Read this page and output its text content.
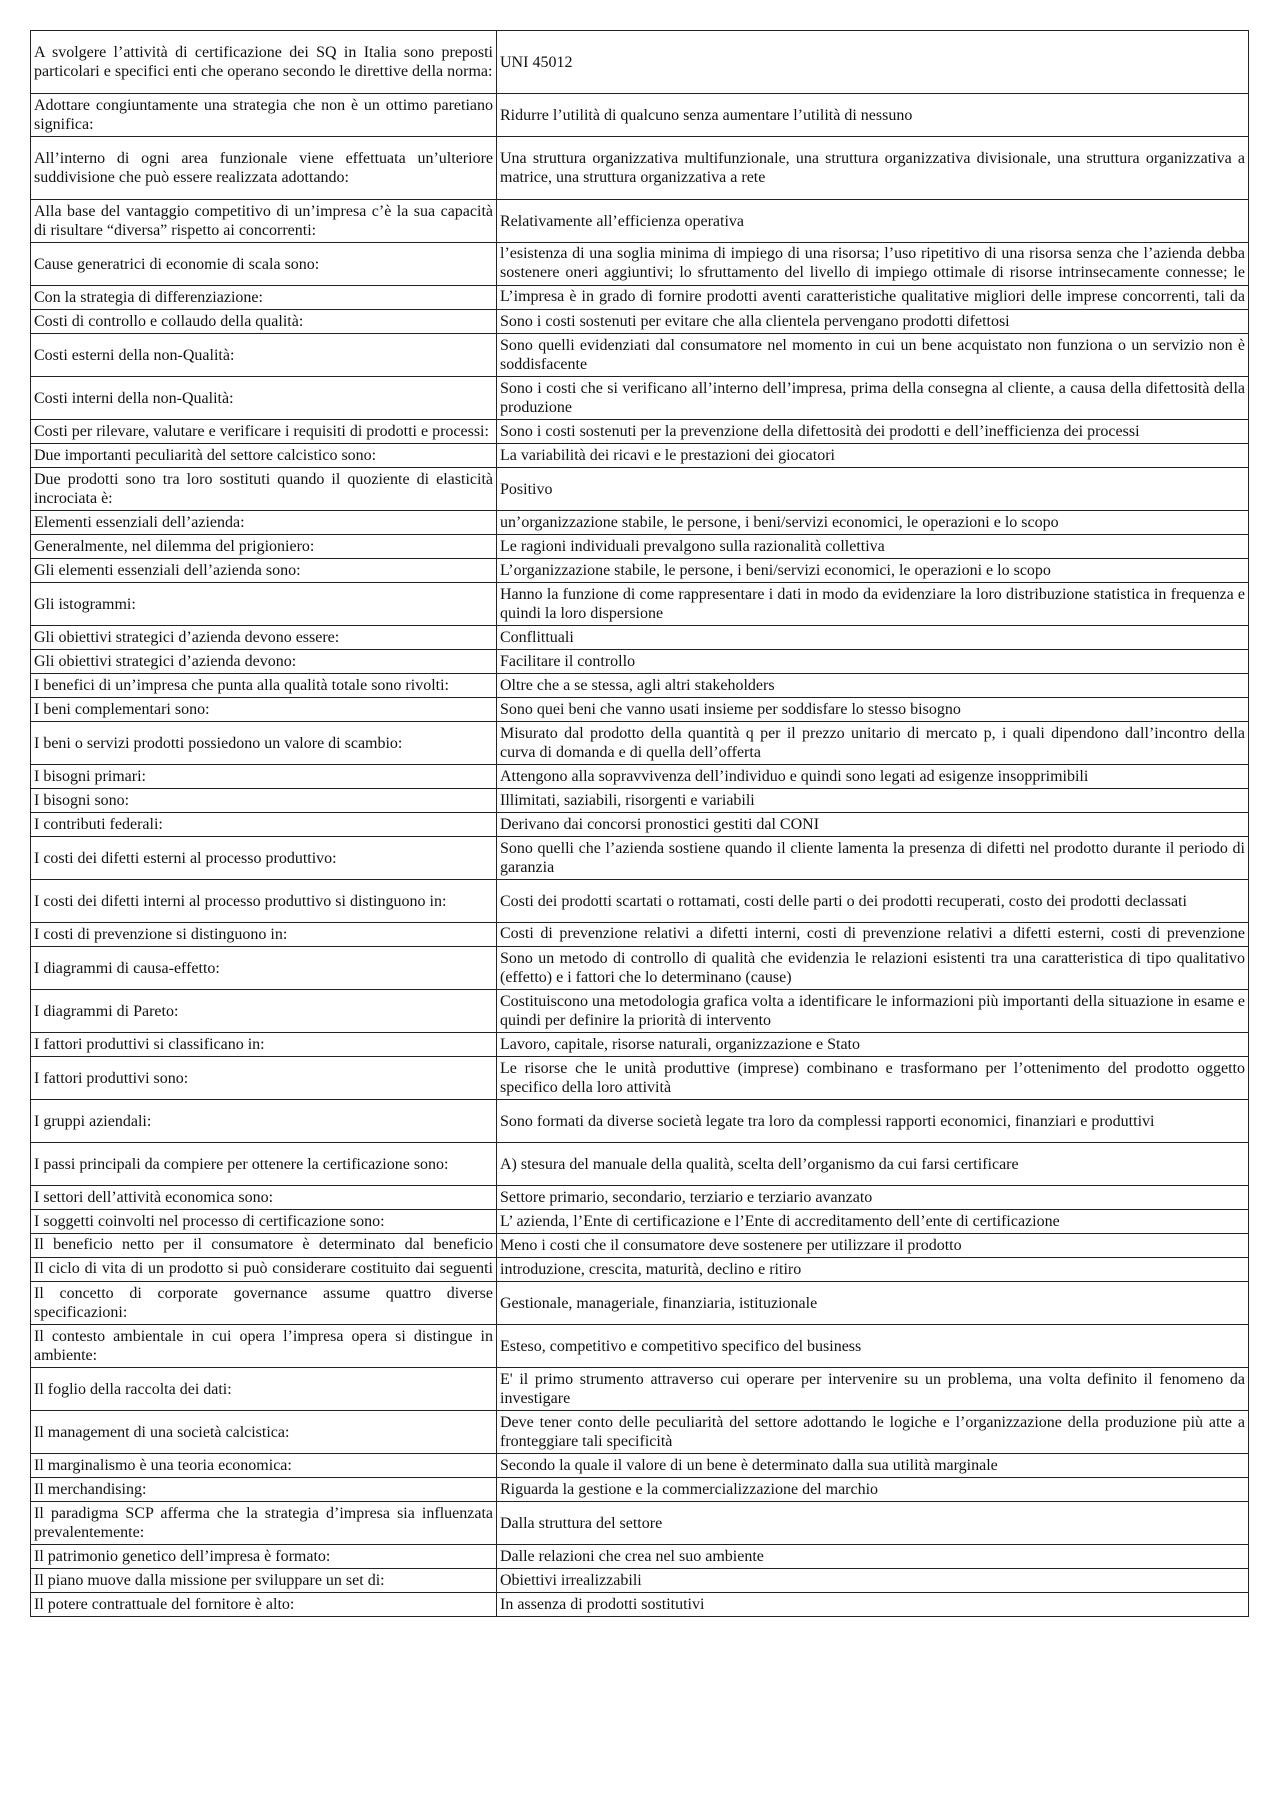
A svolgere l’attività di certificazione dei SQ in Italia sono preposti particolari e specifici enti che operano secondo le direttive della norma:	UNI 45012
Adottare congiuntamente una strategia che non è un ottimo paretiano significa:	Ridurre l’utilità di qualcuno senza aumentare l’utilità di nessuno
All’interno di ogni area funzionale viene effettuata un’ulteriore suddivisione che può essere realizzata adottando:	Una struttura organizzativa multifunzionale, una struttura organizzativa divisionale, una struttura organizzativa a matrice, una struttura organizzativa a rete
Alla base del vantaggio competitivo di un’impresa c’è la sua capacità di risultare “diversa” rispetto ai concorrenti:	Relativamente all’efficienza operativa
Cause generatrici di economie di scala sono:	l’esistenza di una soglia minima di impiego di una risorsa; l’uso ripetitivo di una risorsa senza che l’azienda debba sostenere oneri aggiuntivi; lo sfruttamento del livello di impiego ottimale di risorse intrinsecamente connesse; le

Con la strategia di differenziazione:	L’impresa è in grado di fornire prodotti aventi caratteristiche qualitative migliori delle imprese concorrenti, tali da

Costi di controllo e collaudo della qualità:	Sono i costi sostenuti per evitare che alla clientela pervengano prodotti difettosi
Costi esterni della non-Qualità:	Sono quelli evidenziati dal consumatore nel momento in cui un bene acquistato non funziona o un servizio non è soddisfacente
Costi interni della non-Qualità:	Sono i costi che si verificano all’interno dell’impresa, prima della consegna al cliente, a causa della difettosità della produzione

Costi per rilevare, valutare e verificare i requisiti di prodotti e processi:	Sono i costi sostenuti per la prevenzione della difettosità dei prodotti e dell’inefficienza dei processi
Due importanti peculiarità del settore calcistico sono:	La variabilità dei ricavi e le prestazioni dei giocatori
Due prodotti sono tra loro sostituti quando il quoziente di elasticità incrociata è:	Positivo
Elementi essenziali dell’azienda:	un’organizzazione stabile, le persone, i beni/servizi economici, le operazioni e lo scopo
Generalmente, nel dilemma del prigioniero:	Le ragioni individuali prevalgono sulla razionalità collettiva
Gli elementi essenziali dell’azienda sono:	L’organizzazione stabile, le persone, i beni/servizi economici, le operazioni e lo scopo
Gli istogrammi:	Hanno la funzione di come rappresentare i dati in modo da evidenziare la loro distribuzione statistica in frequenza e quindi la loro dispersione
Gli obiettivi strategici d’azienda devono essere:	Conflittuali
Gli obiettivi strategici d’azienda devono:	Facilitare il controllo

I benefici di un’impresa che punta alla qualità totale sono rivolti:	Oltre che a se stessa, agli altri stakeholders
I beni complementari sono:	Sono quei beni che vanno usati insieme per soddisfare lo stesso bisogno
I beni o servizi prodotti possiedono un valore di scambio:	Misurato dal prodotto della quantità q per il prezzo unitario di mercato p, i quali dipendono dall’incontro della curva di domanda e di quella dell’offerta
I bisogni primari:	Attengono alla sopravvivenza dell’individuo e quindi sono legati ad esigenze insopprimibili
I bisogni sono:	Illimitati, saziabili, risorgenti e variabili
I contributi federali:	Derivano dai concorsi pronostici gestiti dal CONI
I costi dei difetti esterni al processo produttivo:	Sono quelli che l’azienda sostiene quando il cliente lamenta la presenza di difetti nel prodotto durante il periodo di garanzia
I costi dei difetti interni al processo produttivo si distinguono in:	Costi dei prodotti scartati o rottamati, costi delle parti o dei prodotti recuperati, costo dei prodotti declassati
I costi di prevenzione si distinguono in:	Costi di prevenzione relativi a difetti interni, costi di prevenzione relativi a difetti esterni, costi di prevenzione

I diagrammi di causa-effetto:	Sono un metodo di controllo di qualità che evidenzia le relazioni esistenti tra una caratteristica di tipo qualitativo (effetto) e i fattori che lo determinano (cause)
I diagrammi di Pareto:	Costituiscono una metodologia grafica volta a identificare le informazioni più importanti della situazione in esame e quindi per definire la priorità di intervento
I fattori produttivi si classificano in:	Lavoro, capitale, risorse naturali, organizzazione e Stato
I fattori produttivi sono:	Le risorse che le unità produttive (imprese) combinano e trasformano per l’ottenimento del prodotto oggetto specifico della loro attività
I gruppi aziendali:	Sono formati da diverse società legate tra loro da complessi rapporti economici, finanziari e produttivi
I passi principali da compiere per ottenere la certificazione sono:	A) stesura del manuale della qualità, scelta dell’organismo da cui farsi certificare
I settori dell’attività economica sono:	Settore primario, secondario, terziario e terziario avanzato
I soggetti coinvolti nel processo di certificazione sono:	L’ azienda, l’Ente di certificazione e l’Ente di accreditamento dell’ente di certificazione

Il beneficio netto per il consumatore è determinato dal beneficio	Meno i costi che il consumatore deve sostenere per utilizzare il prodotto

Il ciclo di vita di un prodotto si può considerare costituito dai seguenti	introduzione, crescita, maturità, declino e ritiro
Il concetto di corporate governance assume quattro diverse specificazioni:	Gestionale, manageriale, finanziaria, istituzionale
Il contesto ambientale in cui opera l’impresa opera si distingue in ambiente:	Esteso, competitivo e competitivo specifico del business
Il foglio della raccolta dei dati:	E' il primo strumento attraverso cui operare per intervenire su un problema, una volta definito il fenomeno da investigare
Il management di una società calcistica:	Deve tener conto delle peculiarità del settore adottando le logiche e l’organizzazione della produzione più atte a fronteggiare tali specificità
Il marginalismo è una teoria economica:	Secondo la quale il valore di un bene è determinato dalla sua utilità marginale
Il merchandising:	Riguarda la gestione e la commercializzazione del marchio
Il paradigma SCP afferma che la strategia d’impresa sia influenzata prevalentemente:	Dalla struttura del settore
Il patrimonio genetico dell’impresa è formato:	Dalle relazioni che crea nel suo ambiente
Il piano muove dalla missione per sviluppare un set di:	Obiettivi irrealizzabili
Il potere contrattuale del fornitore è alto:	In assenza di prodotti sostitutivi
